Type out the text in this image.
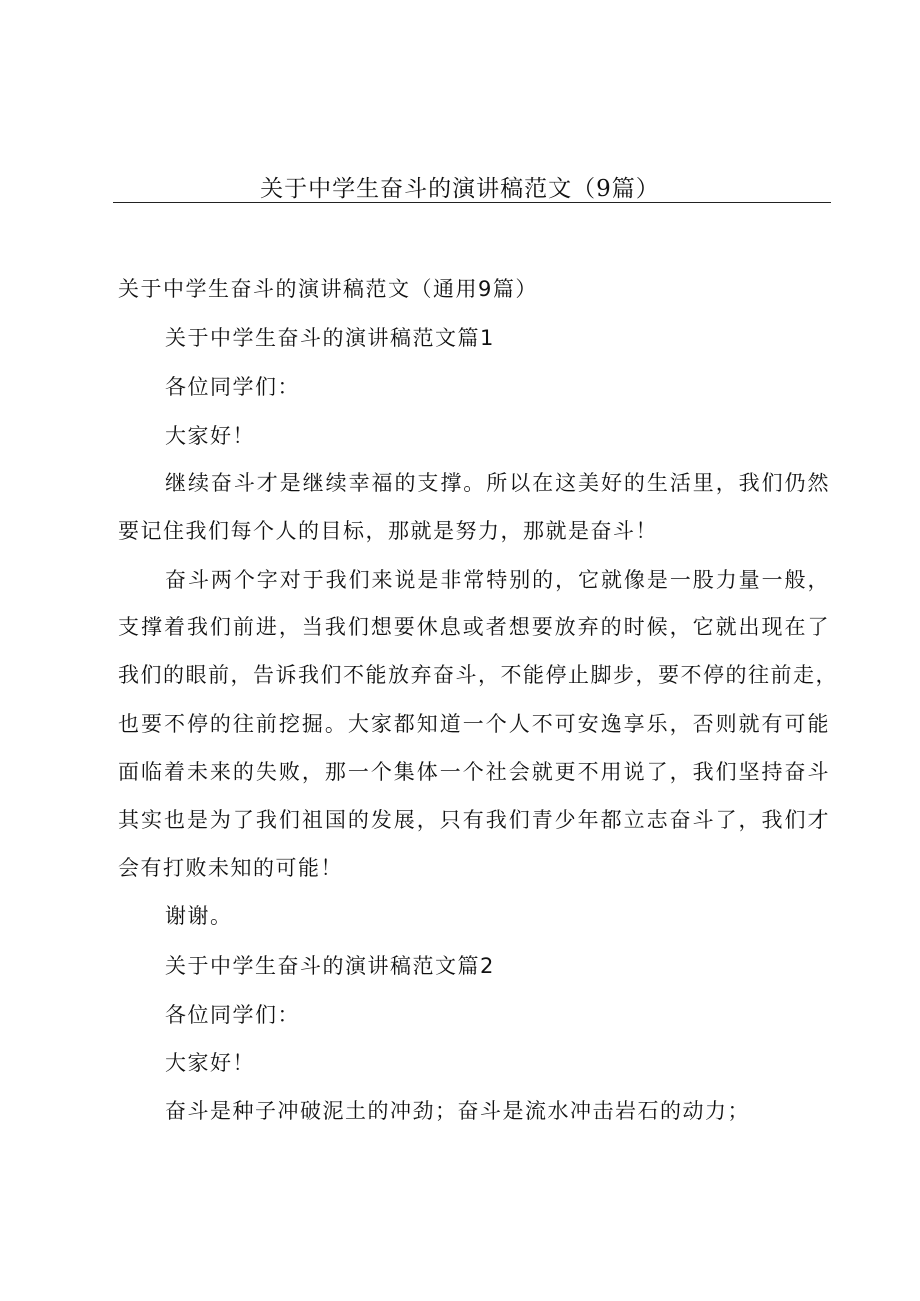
关于中学生奋斗的演讲稿范文（9篇）
关于中学生奋斗的演讲稿范文（通用9篇）
关于中学生奋斗的演讲稿范文篇1
各位同学们：
大家好！
继续奋斗才是继续幸福的支撑。所以在这美好的生活里，我们仍然
要记住我们每个人的目标，那就是努力，那就是奋斗！
奋斗两个字对于我们来说是非常特别的，它就像是一股力量一般，
支撑着我们前进，当我们想要休息或者想要放弃的时候，它就出现在了
我们的眼前，告诉我们不能放弃奋斗，不能停止脚步，要不停的往前走，
也要不停的往前挖掘。大家都知道一个人不可安逸享乐，否则就有可能
面临着未来的失败，那一个集体一个社会就更不用说了，我们坚持奋斗
其实也是为了我们祖国的发展，只有我们青少年都立志奋斗了，我们才
会有打败未知的可能！
谢谢。
关于中学生奋斗的演讲稿范文篇2
各位同学们：
大家好！
奋斗是种子冲破泥土的冲劲；奋斗是流水冲击岩石的动力；
